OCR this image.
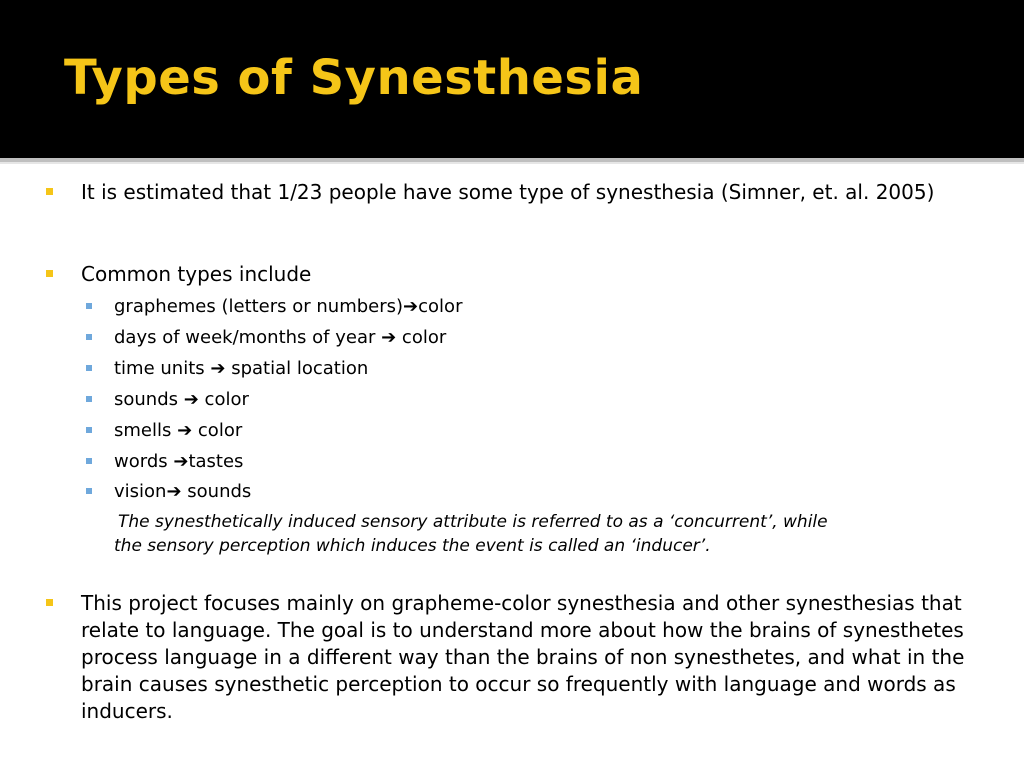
Types of Synesthesia
It is estimated that 1/23 people have some type of synesthesia (Simner, et. al. 2005)
Common types include
graphemes (letters or numbers)➔color
days of week/months of year ➔ color
time units ➔ spatial location
sounds ➔ color
smells ➔ color
words ➔tastes
vision➔ sounds
The synesthetically induced sensory attribute is referred to as a ‘concurrent’, while
the sensory perception which induces the event is called an ‘inducer’.
This project focuses mainly on grapheme-color synesthesia and other synesthesias that relate to language. The goal is to understand more about how the brains of synesthetes process language in a different way than the brains of non synesthetes, and what in the brain causes synesthetic perception to occur so frequently with language and words as inducers.
